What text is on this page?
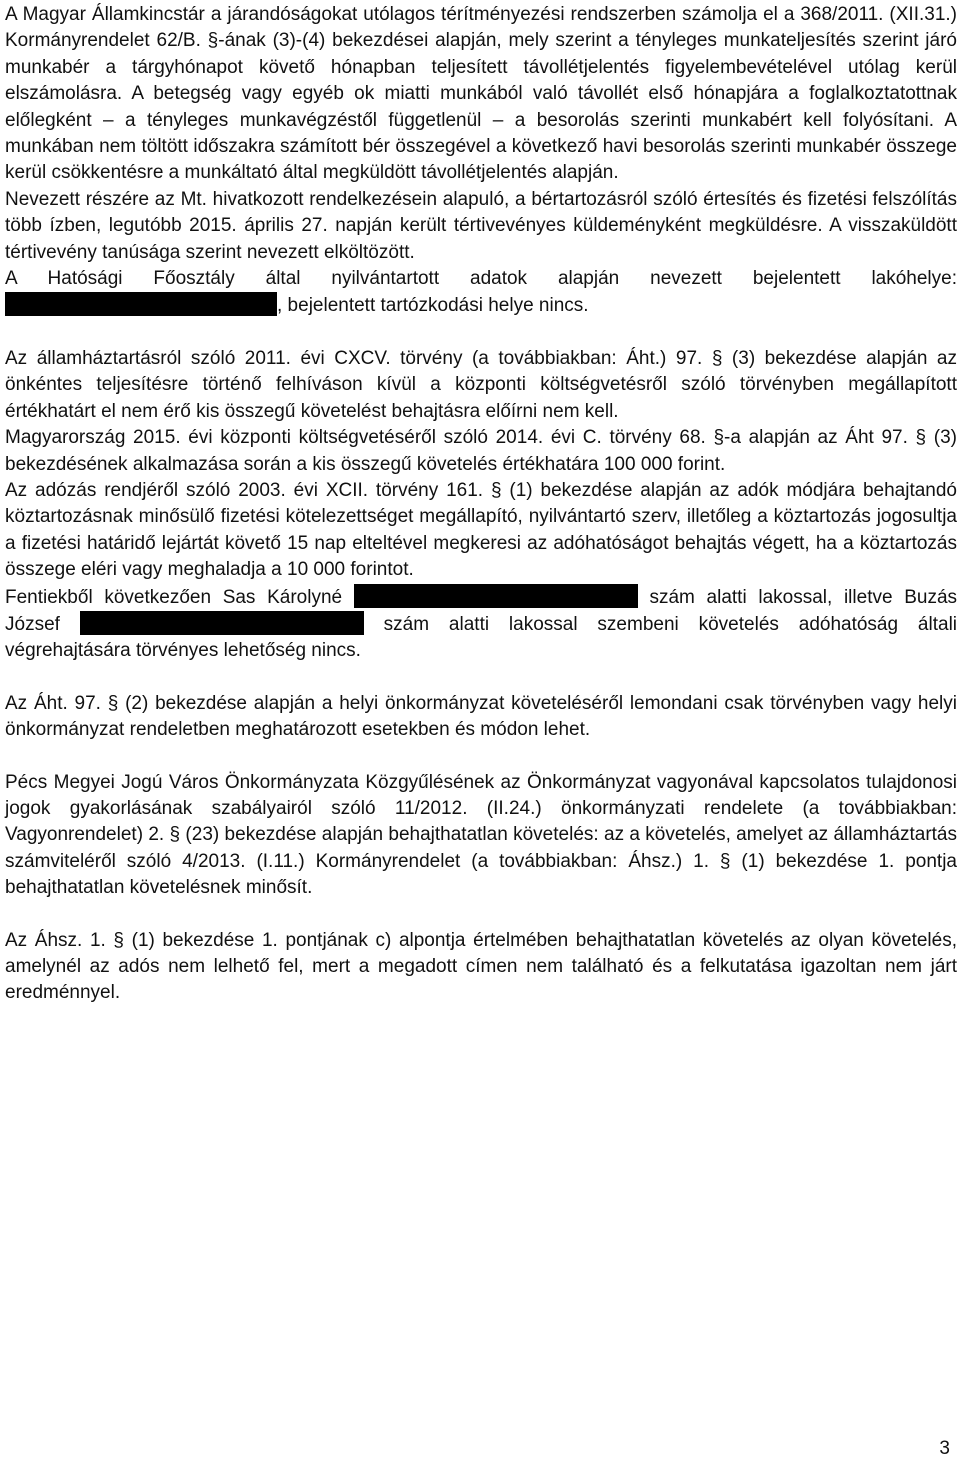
A Magyar Államkincstár a járandóságokat utólagos térítményezési rendszerben számolja el a 368/2011. (XII.31.) Kormányrendelet 62/B. §-ának (3)-(4) bekezdései alapján, mely szerint a tényleges munkateljesítés szerint járó munkabér a tárgyhónapot követő hónapban teljesített távollétjelentés figyelembevételével utólag kerül elszámolásra. A betegség vagy egyéb ok miatti munkából való távollét első hónapjára a foglalkoztatottnak előlegként – a tényleges munkavégzéstől függetlenül – a besorolás szerinti munkabért kell folyósítani. A munkában nem töltött időszakra számított bér összegével a következő havi besorolás szerinti munkabér összege kerül csökkentésre a munkáltató által megküldött távollétjelentés alapján.

Nevezett részére az Mt. hivatkozott rendelkezésein alapuló, a bértartozásról szóló értesítés és fizetési felszólítás több ízben, legutóbb 2015. április 27. napján került tértivevényes küldeményként megküldésre. A visszaküldött tértivevény tanúsága szerint nevezett elköltözött.

A Hatósági Főosztály által nyilvántartott adatok alapján nevezett bejelentett lakóhelye: , bejelentett tartózkodási helye nincs.

Az államháztartásról szóló 2011. évi CXCV. törvény (a továbbiakban: Áht.) 97. § (3) bekezdése alapján az önkéntes teljesítésre történő felhíváson kívül a központi költségvetésről szóló törvényben megállapított értékhatárt el nem érő kis összegű követelést behajtásra előírni nem kell.

Magyarország 2015. évi központi költségvetéséről szóló 2014. évi C. törvény 68. §-a alapján az Áht 97. § (3) bekezdésének alkalmazása során a kis összegű követelés értékhatára 100 000 forint.

Az adózás rendjéről szóló 2003. évi XCII. törvény 161. § (1) bekezdése alapján az adók módjára behajtandó köztartozásnak minősülő fizetési kötelezettséget megállapító, nyilvántartó szerv, illetőleg a köztartozás jogosultja a fizetési határidő lejártát követő 15 nap elteltével megkeresi az adóhatóságot behajtás végett, ha a köztartozás összege eléri vagy meghaladja a 10 000 forintot.

Fentiekből következően Sas Károlyné	szám alatti lakossal, illetve Buzás József	szám alatti lakossal szembeni követelés adóhatóság általi végrehajtására törvényes lehetőség nincs.

Az Áht. 97. § (2) bekezdése alapján a helyi önkormányzat követeléséről lemondani csak törvényben vagy helyi önkormányzat rendeletben meghatározott esetekben és módon lehet.

Pécs Megyei Jogú Város Önkormányzata Közgyűlésének az Önkormányzat vagyonával kapcsolatos tulajdonosi jogok gyakorlásának szabályairól szóló 11/2012. (II.24.) önkormányzati rendelete (a továbbiakban: Vagyonrendelet) 2. § (23) bekezdése alapján behajthatatlan követelés: az a követelés, amelyet az államháztartás számviteléről szóló 4/2013. (I.11.) Kormányrendelet (a továbbiakban: Áhsz.) 1. § (1) bekezdése 1. pontja behajthatatlan követelésnek minősít.

Az Áhsz. 1. § (1) bekezdése 1. pontjának c) alpontja értelmében behajthatatlan követelés az olyan követelés, amelynél az adós nem lelhető fel, mert a megadott címen nem található és a felkutatása igazoltan nem járt eredménnyel.

3
